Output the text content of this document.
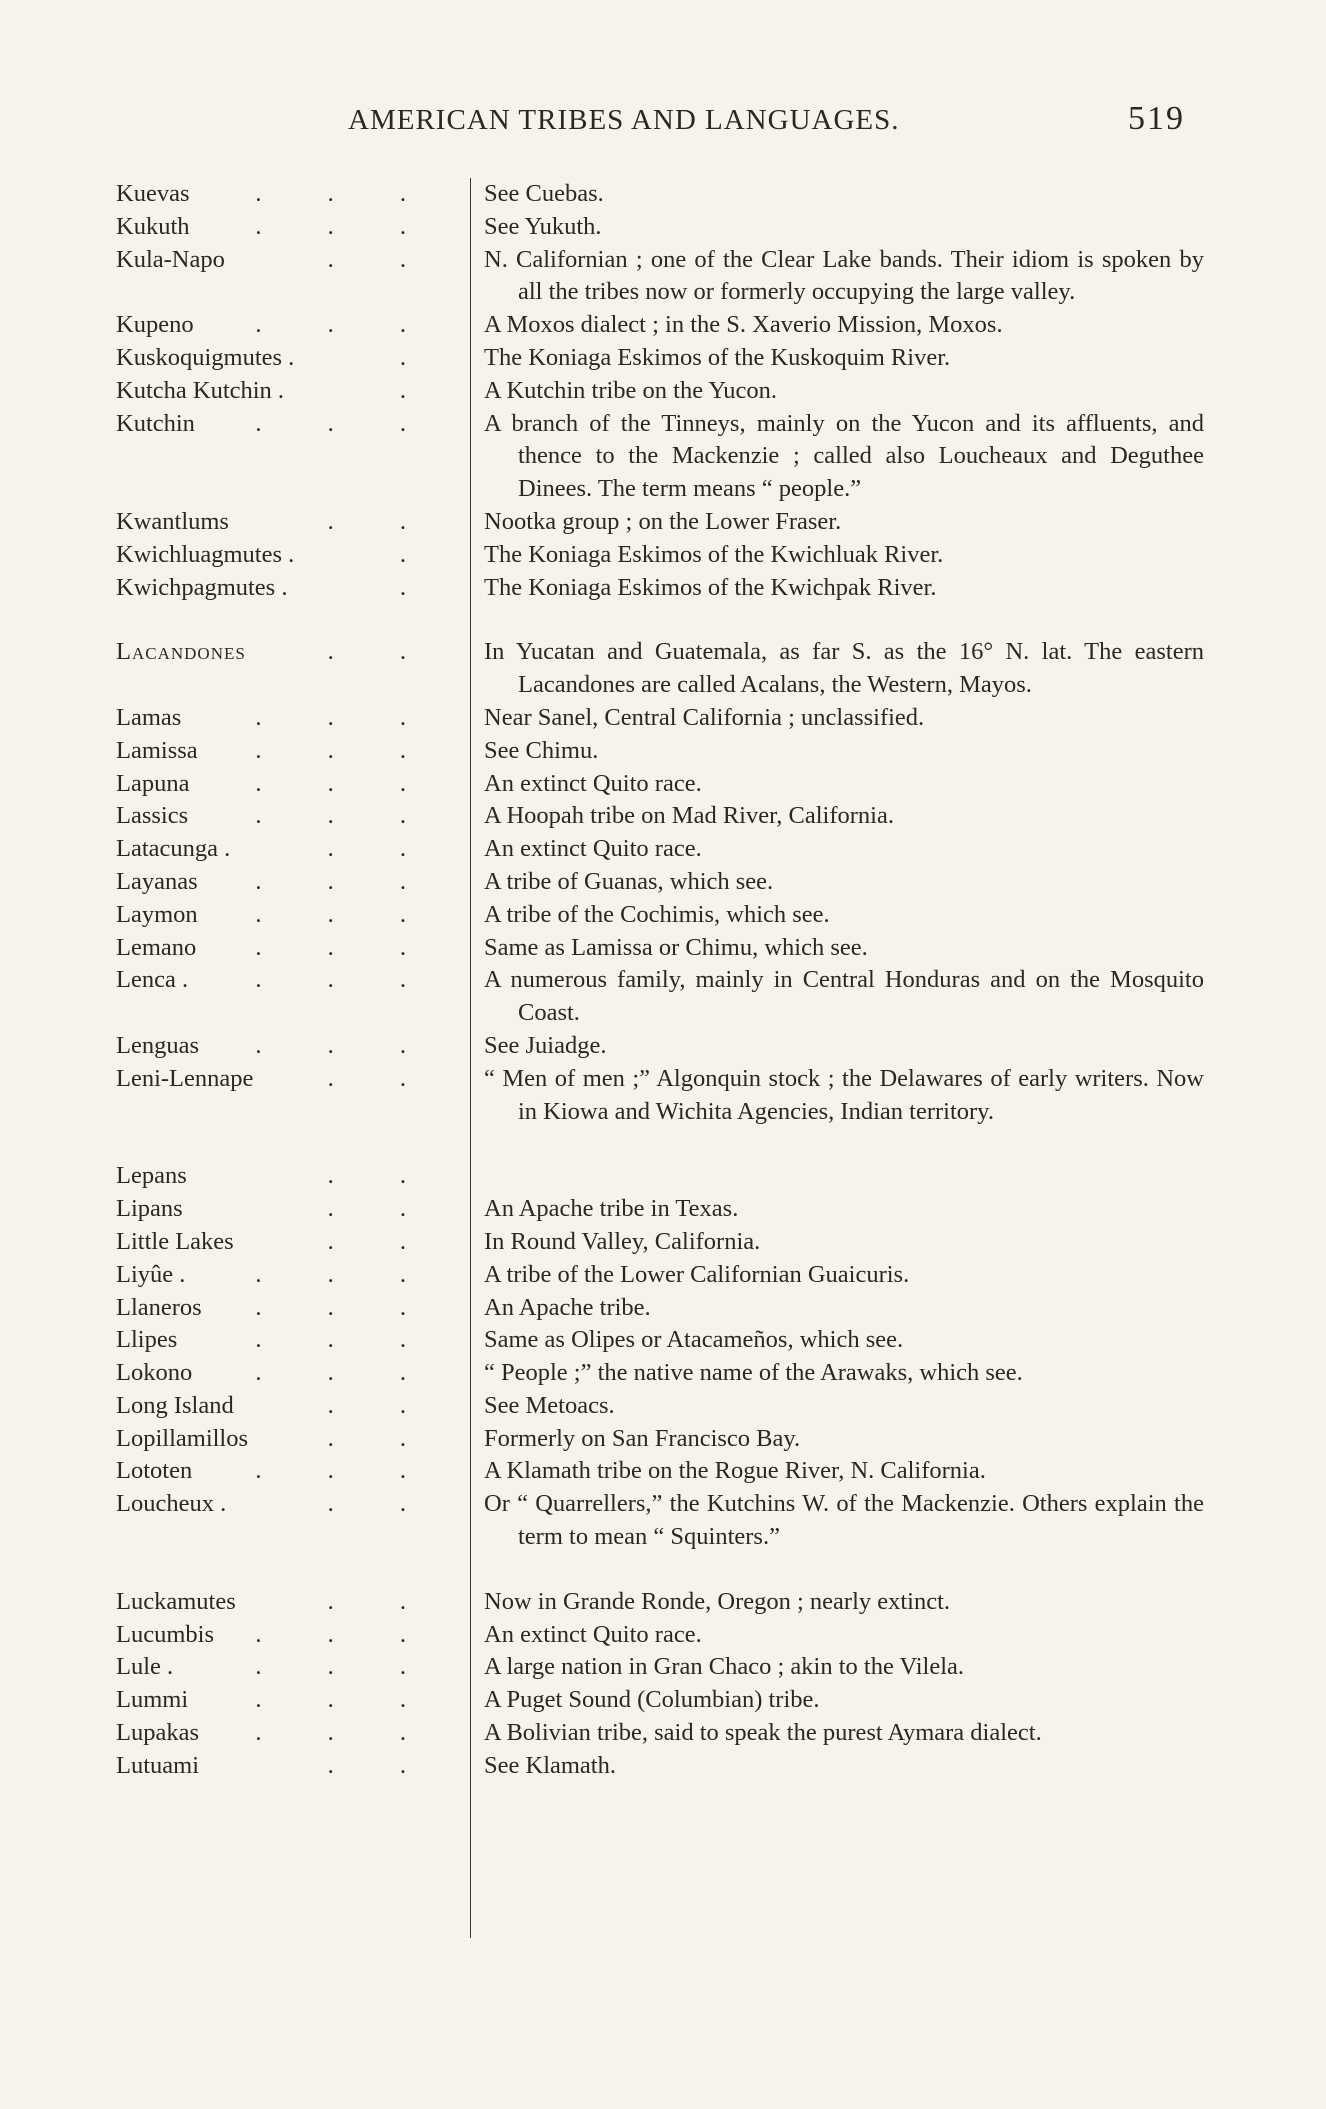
AMERICAN TRIBES AND LANGUAGES.	519
Kuevas	. . . See Cuebas.
Kukuth	. . . See Yukuth.
Kula-Napo	. . N. Californian ; one of the Clear Lake bands. Their idiom is spoken by all the tribes now or formerly occupying the large valley.
Kupeno	. . . A Moxos dialect ; in the S. Xaverio Mission, Moxos.
Kuskoquigmutes .	. The Koniaga Eskimos of the Kuskoquim River.
Kutcha Kutchin .	. A Kutchin tribe on the Yucon.
Kutchin . . . A branch of the Tinneys, mainly on the Yucon and its affluents, and thence to the Mackenzie ; called also Loucheaux and Deguthee Dinees. The term means “ people.”
Kwantlums	. . Nootka group ; on the Lower Fraser.
Kwichluagmutes .	. The Koniaga Eskimos of the Kwichluak River.
Kwichpagmutes .	. The Koniaga Eskimos of the Kwichpak River.
Lacandones	. . In Yucatan and Guatemala, as far S. as the 16° N. lat. The eastern Lacandones are called Acalans, the Western, Mayos.
Lamas	. . . Near Sanel, Central California ; unclassified.
Lamissa . . . See Chimu.
Lapuna	. . . An extinct Quito race.
Lassics	. . . A Hoopah tribe on Mad River, California.
Latacunga .	. . An extinct Quito race.
Layanas . . . A tribe of Guanas, which see.
Laymon . . . A tribe of the Cochimis, which see.
Lemano . . . Same as Lamissa or Chimu, which see.
Lenca .	. . . A numerous family, mainly in Central Honduras and on the Mosquito Coast.
Lenguas . . . See Juiadge.
Leni-Lennape	. . “ Men of men ;” Algonquin stock ; the Delawares of early writers. Now in Kiowa and Wichita Agencies, Indian territory.
Lepans	. .
Lipans	. . An Apache tribe in Texas.
Little Lakes	. . In Round Valley, California.
Liyûe .	. . . A tribe of the Lower Californian Guaicuris.
Llaneros . . . An Apache tribe.
Llipes	. . . Same as Olipes or Atacameños, which see.
Lokono	. . . “ People ;” the native name of the Arawaks, which see.
Long Island	. . See Metoacs.
Lopillamillos	. . Formerly on San Francisco Bay.
Lototen	. . . A Klamath tribe on the Rogue River, N. California.
Loucheux .	. . Or “ Quarrellers,” the Kutchins W. of the Mackenzie. Others explain the term to mean “ Squinters.”
Luckamutes	. . Now in Grande Ronde, Oregon ; nearly extinct.
Lucumbis . . . An extinct Quito race.
Lule .	. . . A large nation in Gran Chaco ; akin to the Vilela.
Lummi	. . . A Puget Sound (Columbian) tribe.
Lupakas . . . A Bolivian tribe, said to speak the purest Aymara dialect.
Lutuami	. . See Klamath.
